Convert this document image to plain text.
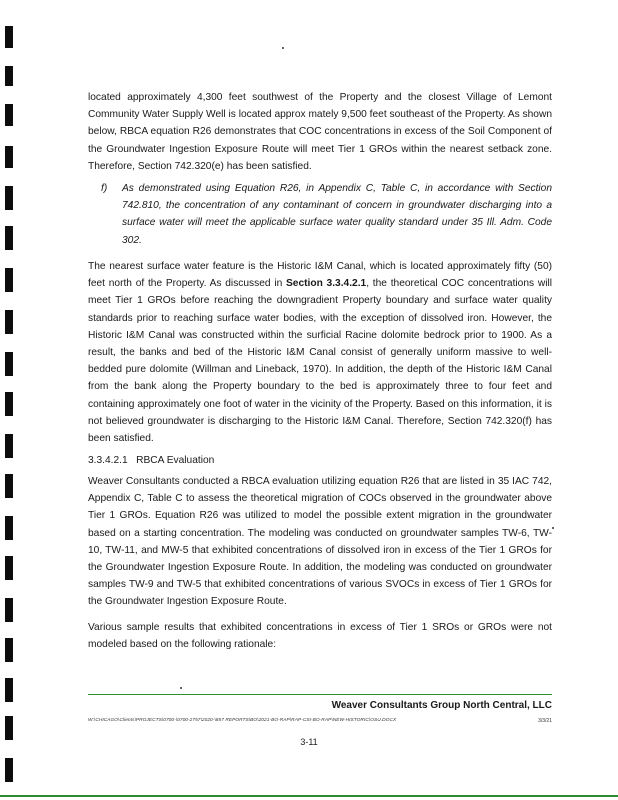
located approximately 4,300 feet southwest of the Property and the closest Village of Lemont Community Water Supply Well is located approx mately 9,500 feet southeast of the Property. As shown below, RBCA equation R26 demonstrates that COC concentrations in excess of the Soil Component of the Groundwater Ingestion Exposure Route will meet Tier 1 GROs within the nearest setback zone. Therefore, Section 742.320(e) has been satisfied.

f) As demonstrated using Equation R26, in Appendix C, Table C, in accordance with Section 742.810, the concentration of any contaminant of concern in groundwater discharging into a surface water will meet the applicable surface water quality standard under 35 Ill. Adm. Code 302.

The nearest surface water feature is the Historic I&M Canal, which is located approximately fifty (50) feet north of the Property. As discussed in Section 3.3.4.2.1, the theoretical COC concentrations will meet Tier 1 GROs before reaching the downgradient Property boundary and surface water quality standards prior to reaching surface water bodies, with the exception of dissolved iron. However, the Historic I&M Canal was constructed within the surficial Racine dolomite bedrock prior to 1900. As a result, the banks and bed of the Historic I&M Canal consist of generally uniform massive to well-bedded pure dolomite (Willman and Lineback, 1970). In addition, the depth of the Historic I&M Canal from the bank along the Property boundary to the bed is approximately three to four feet and containing approximately one foot of water in the vicinity of the Property. Based on this information, it is not believed groundwater is discharging to the Historic I&M Canal. Therefore, Section 742.320(f) has been satisfied.

3.3.4.2.1   RBCA Evaluation

Weaver Consultants conducted a RBCA evaluation utilizing equation R26 that are listed in 35 IAC 742, Appendix C, Table C to assess the theoretical migration of COCs observed in the groundwater above Tier 1 GROs. Equation R26 was utilized to model the possible extent migration in the groundwater based on a starting concentration. The modeling was conducted on groundwater samples TW-6, TW-10, TW-11, and MW-5 that exhibited concentrations of dissolved iron in excess of the Tier 1 GROs for the Groundwater Ingestion Exposure Route. In addition, the modeling was conducted on groundwater samples TW-9 and TW-5 that exhibited concentrations of various SVOCs in excess of Tier 1 GROs for the Groundwater Ingestion Exposure Route.

Various sample results that exhibited concentrations in excess of Tier 1 SROs or GROs were not modeled based on the following rationale:

Weaver Consultants Group North Central, LLC
W:\CHICAGO\Clients\PROJECTS\0700-\0700-2757\2020-\857 REPORTS\BO\2021-BO-RAP\RAP-CSI-BO-RAP\NEW-HISTORIC\OSU.DOCX	3/3/21
3-11
